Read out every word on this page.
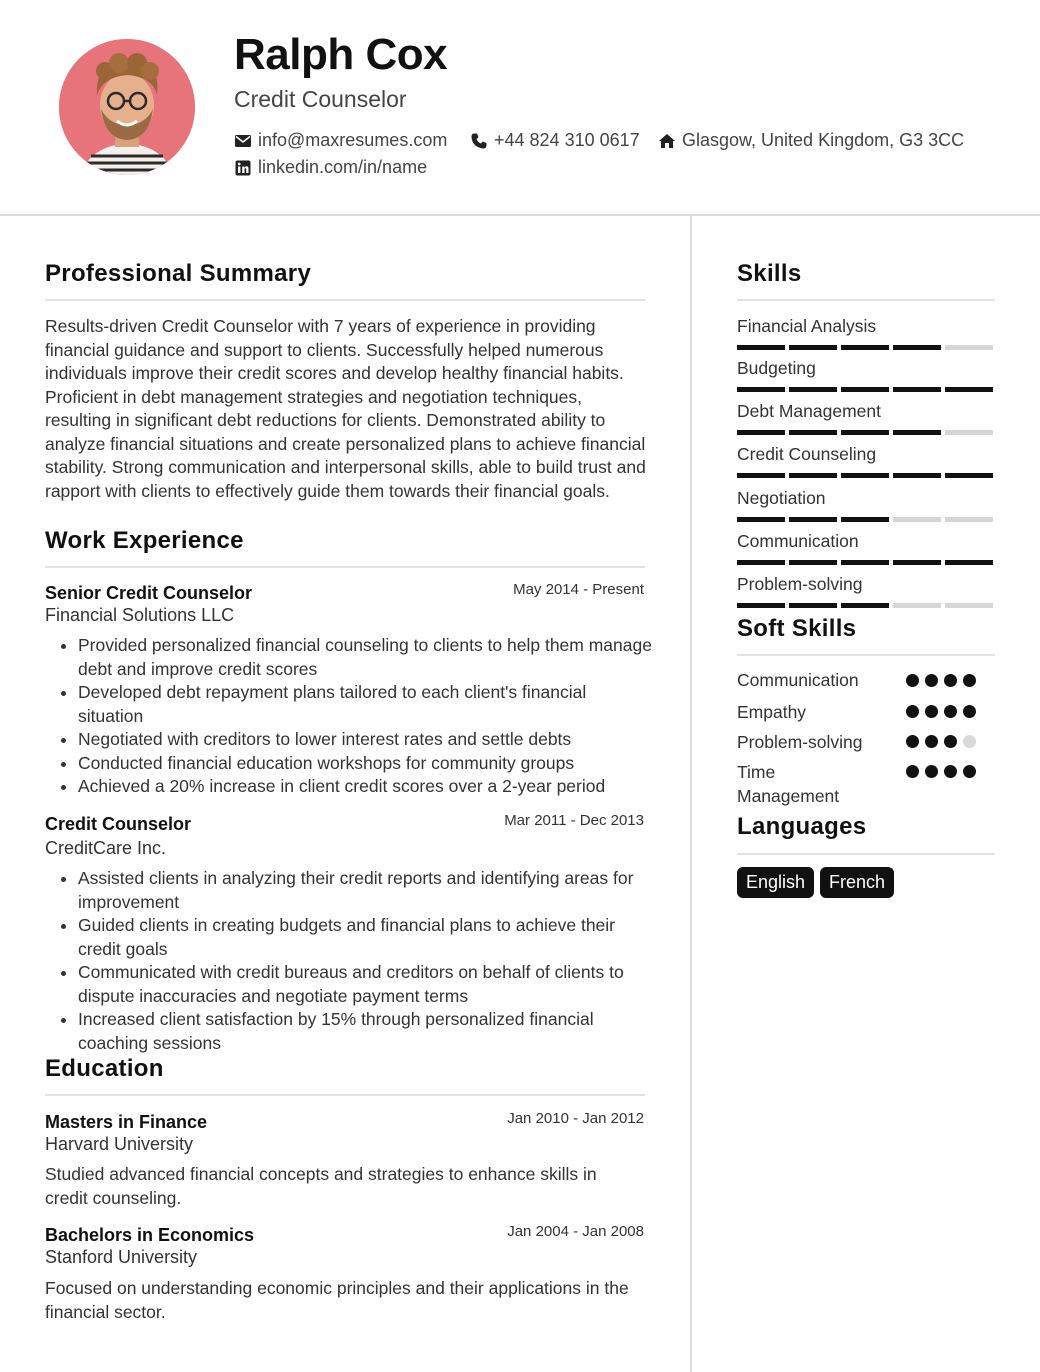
Ralph Cox
Credit Counselor
info@maxresumes.com	+44 824 310 0617 Glasgow, United Kingdom, G3 3CC
linkedin.com/in/name
Professional Summary
Results-driven Credit Counselor with 7 years of experience in providing financial guidance and support to clients. Successfully helped numerous individuals improve their credit scores and develop healthy financial habits. Proficient in debt management strategies and negotiation techniques, resulting in significant debt reductions for clients. Demonstrated ability to analyze financial situations and create personalized plans to achieve financial stability. Strong communication and interpersonal skills, able to build trust and rapport with clients to effectively guide them towards their financial goals.
Work Experience
Senior Credit Counselor	May 2014 - Present
Financial Solutions LLC
• Provided personalized financial counseling to clients to help them manage debt and improve credit scores
• Developed debt repayment plans tailored to each client's financial situation
• Negotiated with creditors to lower interest rates and settle debts
• Conducted financial education workshops for community groups
• Achieved a 20% increase in client credit scores over a 2-year period
Credit Counselor	Mar 2011 - Dec 2013
CreditCare Inc.
• Assisted clients in analyzing their credit reports and identifying areas for improvement
• Guided clients in creating budgets and financial plans to achieve their credit goals
• Communicated with credit bureaus and creditors on behalf of clients to dispute inaccuracies and negotiate payment terms
• Increased client satisfaction by 15% through personalized financial coaching sessions
Education
Masters in Finance	Jan 2010 - Jan 2012
Harvard University
Studied advanced financial concepts and strategies to enhance skills in credit counseling.
Bachelors in Economics	Jan 2004 - Jan 2008
Stanford University
Focused on understanding economic principles and their applications in the financial sector.
Skills
Financial Analysis
Budgeting
Debt Management
Credit Counseling
Negotiation
Communication
Problem-solving
Soft Skills
Communication
Empathy
Problem-solving
Time Management
Languages
English	French
